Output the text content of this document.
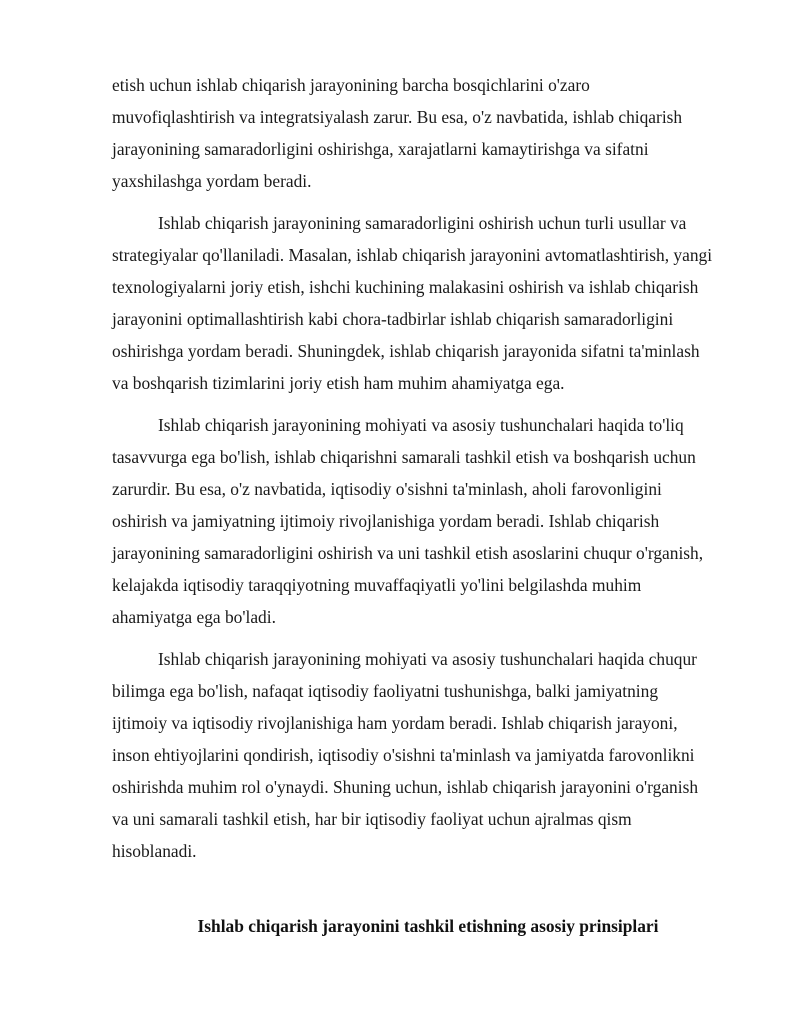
etish uchun ishlab chiqarish jarayonining barcha bosqichlarini o'zaro

muvofiqlashtirish va integratsiyalash zarur. Bu esa, o'z navbatida, ishlab chiqarish

jarayonining samaradorligini oshirishga, xarajatlarni kamaytirishga va sifatni

yaxshilashga yordam beradi.

Ishlab chiqarish jarayonining samaradorligini oshirish uchun turli usullar va

strategiyalar qo'llaniladi. Masalan, ishlab chiqarish jarayonini avtomatlashtirish, yangi

texnologiyalarni joriy etish, ishchi kuchining malakasini oshirish va ishlab chiqarish

jarayonini optimallashtirish kabi chora-tadbirlar ishlab chiqarish samaradorligini

oshirishga yordam beradi. Shuningdek, ishlab chiqarish jarayonida sifatni ta'minlash

va boshqarish tizimlarini joriy etish ham muhim ahamiyatga ega.

Ishlab chiqarish jarayonining mohiyati va asosiy tushunchalari haqida to'liq

tasavvurga ega bo'lish, ishlab chiqarishni samarali tashkil etish va boshqarish uchun

zarurdir. Bu esa, o'z navbatida, iqtisodiy o'sishni ta'minlash, aholi farovonligini

oshirish va jamiyatning ijtimoiy rivojlanishiga yordam beradi. Ishlab chiqarish

jarayonining samaradorligini oshirish va uni tashkil etish asoslarini chuqur o'rganish,

kelajakda iqtisodiy taraqqiyotning muvaffaqiyatli yo'lini belgilashda muhim

ahamiyatga ega bo'ladi.

Ishlab chiqarish jarayonining mohiyati va asosiy tushunchalari haqida chuqur

bilimga ega bo'lish, nafaqat iqtisodiy faoliyatni tushunishga, balki jamiyatning

ijtimoiy va iqtisodiy rivojlanishiga ham yordam beradi. Ishlab chiqarish jarayoni,

inson ehtiyojlarini qondirish, iqtisodiy o'sishni ta'minlash va jamiyatda farovonlikni

oshirishda muhim rol o'ynaydi. Shuning uchun, ishlab chiqarish jarayonini o'rganish

va uni samarali tashkil etish, har bir iqtisodiy faoliyat uchun ajralmas qism

hisoblanadi.

Ishlab chiqarish jarayonini tashkil etishning asosiy prinsiplari
